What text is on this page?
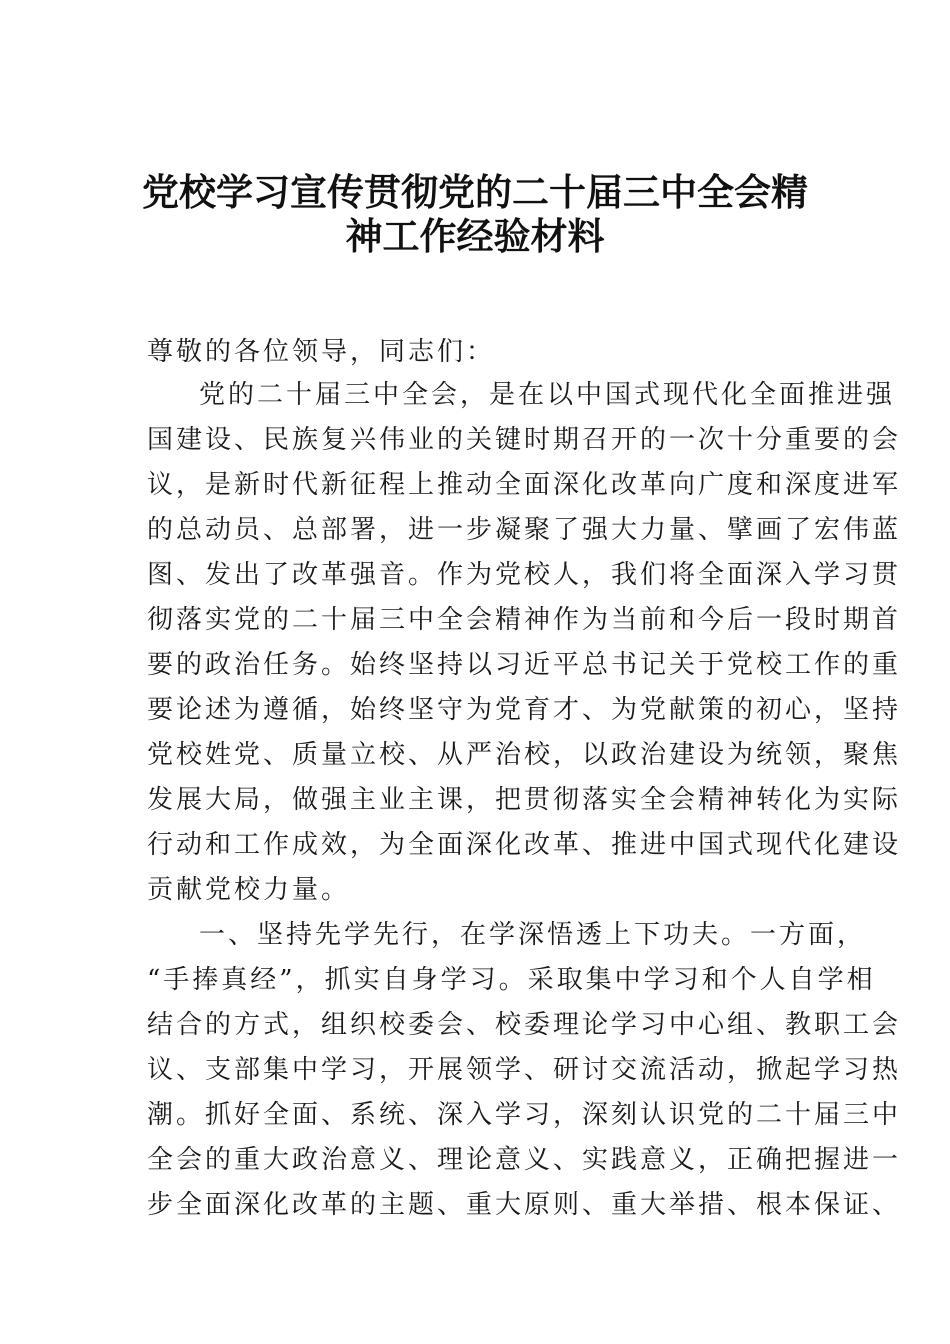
党校学习宣传贯彻党的二十届三中全会精
神工作经验材料
尊敬的各位领导，同志们：
党的二十届三中全会，是在以中国式现代化全面推进强
国建设、民族复兴伟业的关键时期召开的一次十分重要的会
议，是新时代新征程上推动全面深化改革向广度和深度进军
的总动员、总部署，进一步凝聚了强大力量、擘画了宏伟蓝
图、发出了改革强音。作为党校人，我们将全面深入学习贯
彻落实党的二十届三中全会精神作为当前和今后一段时期首
要的政治任务。始终坚持以习近平总书记关于党校工作的重
要论述为遵循，始终坚守为党育才、为党献策的初心，坚持
党校姓党、质量立校、从严治校，以政治建设为统领，聚焦
发展大局，做强主业主课，把贯彻落实全会精神转化为实际
行动和工作成效，为全面深化改革、推进中国式现代化建设
贡献党校力量。
一、坚持先学先行，在学深悟透上下功夫。一方面，
“手捧真经”，抓实自身学习。采取集中学习和个人自学相
结合的方式，组织校委会、校委理论学习中心组、教职工会
议、支部集中学习，开展领学、研讨交流活动，掀起学习热
潮。抓好全面、系统、深入学习，深刻认识党的二十届三中
全会的重大政治意义、理论意义、实践意义，正确把握进一
步全面深化改革的主题、重大原则、重大举措、根本保证、
